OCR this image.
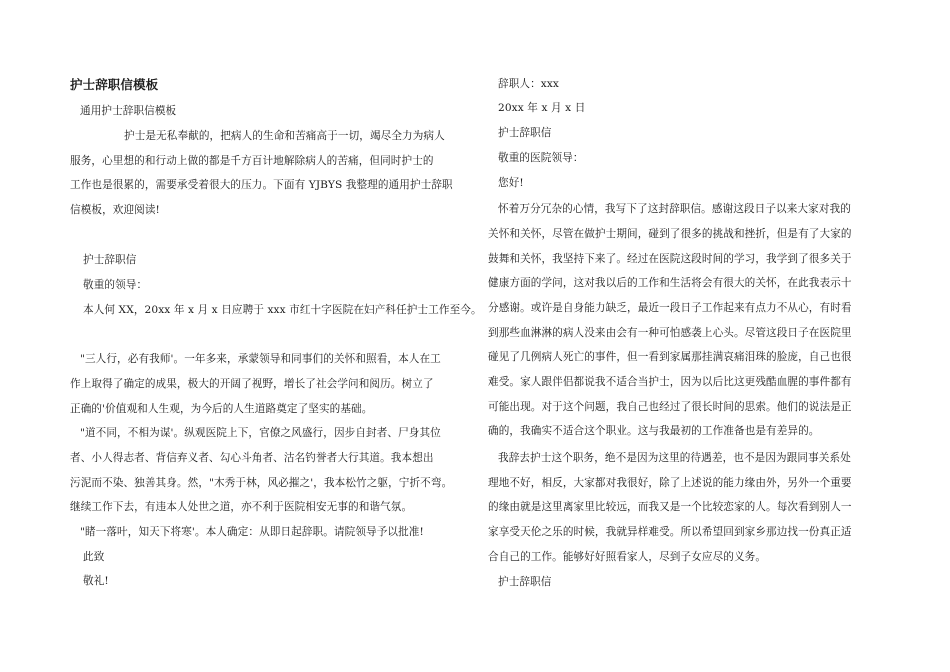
护士辞职信模板
通用护士辞职信模板
护士是无私奉献的，把病人的生命和苦痛高于一切，竭尽全力为病人
服务，心里想的和行动上做的都是千方百计地解除病人的苦痛，但同时护士的
工作也是很累的，需要承受着很大的压力。下面有 YJBYS 我整理的通用护士辞职
信模板，欢迎阅读!
护士辞职信
敬重的领导：
本人何 XX，20xx 年 x 月 x 日应聘于 xxx 市红十字医院在妇产科任护士工作至今。
"三人行，必有我师'。一年多来，承蒙领导和同事们的关怀和照看，本人在工
作上取得了确定的成果，极大的开阔了视野，增长了社会学问和阅历。树立了
正确的'价值观和人生观，为今后的人生道路奠定了坚实的基础。
"道不同，不相为谋'。纵观医院上下，官僚之风盛行，因步自封者、尸身其位
者、小人得志者、背信弃义者、勾心斗角者、沽名钓誉者大行其道。我本想出
污泥而不染、独善其身。然，"木秀于林，风必摧之'，我本松竹之躯，宁折不弯。
继续工作下去，有违本人处世之道，亦不利于医院相安无事的和谐气氛。
"睹一落叶，知天下将寒'。本人确定：从即日起辞职。请院领导予以批准!
此致
敬礼!
辞职人：xxx
20xx 年 x 月 x 日
护士辞职信
敬重的医院领导：
您好!
怀着万分冗杂的心情，我写下了这封辞职信。感谢这段日子以来大家对我的
关怀和关怀，尽管在做护士期间，碰到了很多的挑战和挫折，但是有了大家的
鼓舞和关怀，我坚持下来了。经过在医院这段时间的学习，我学到了很多关于
健康方面的学问，这对我以后的工作和生活将会有很大的关怀，在此我表示十
分感谢。或许是自身能力缺乏，最近一段日子工作起来有点力不从心，有时看
到那些血淋淋的病人没来由会有一种可怕感袭上心头。尽管这段日子在医院里
碰见了几例病人死亡的事件，但一看到家属那挂满哀痛泪珠的脸庞，自己也很
难受。家人跟伴侣都说我不适合当护士，因为以后比这更残酷血腥的事件都有
可能出现。对于这个问题，我自己也经过了很长时间的思索。他们的说法是正
确的，我确实不适合这个职业。这与我最初的工作准备也是有差异的。
我辞去护士这个职务，绝不是因为这里的待遇差，也不是因为跟同事关系处
理地不好，相反，大家都对我很好，除了上述说的能力缘由外，另外一个重要
的缘由就是这里离家里比较远，而我又是一个比较恋家的人。每次看到别人一
家享受天伦之乐的时候，我就异样难受。所以希望回到家乡那边找一份真正适
合自己的工作。能够好好照看家人，尽到子女应尽的义务。
护士辞职信
